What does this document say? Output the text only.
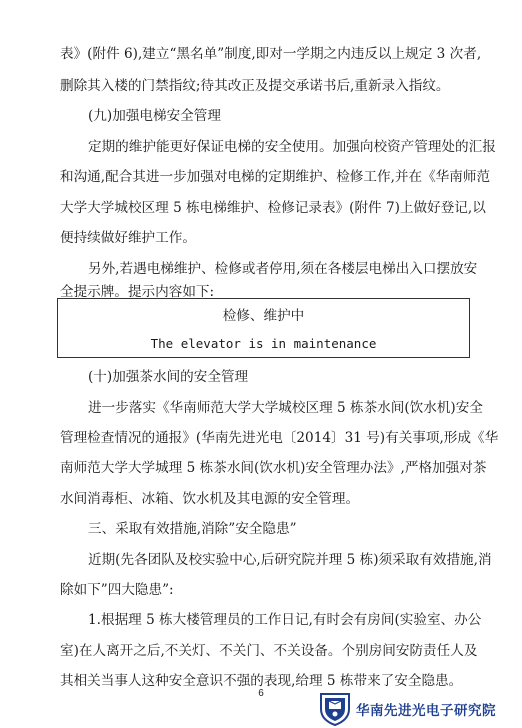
表》(附件 6),建立“黑名单”制度,即对一学期之内违反以上规定 3 次者,
删除其入楼的门禁指纹;待其改正及提交承诺书后,重新录入指纹。
(九)加强电梯安全管理
定期的维护能更好保证电梯的安全使用。加强向校资产管理处的汇报
和沟通,配合其进一步加强对电梯的定期维护、检修工作,并在《华南师范
大学大学城校区理 5 栋电梯维护、检修记录表》(附件 7)上做好登记,以
便持续做好维护工作。
另外,若遇电梯维护、检修或者停用,须在各楼层电梯出入口摆放安
全提示牌。提示内容如下:
检修、维护中
The elevator is in maintenance
(十)加强茶水间的安全管理
进一步落实《华南师范大学大学城校区理 5 栋茶水间(饮水机)安全
管理检查情况的通报》(华南先进光电〔2014〕31 号)有关事项,形成《华
南师范大学大学城理 5 栋茶水间(饮水机)安全管理办法》,严格加强对茶
水间消毒柜、冰箱、饮水机及其电源的安全管理。
三、采取有效措施,消除”安全隐患”
近期(先各团队及校实验中心,后研究院并理 5 栋)须采取有效措施,消
除如下”四大隐患”:
1.根据理 5 栋大楼管理员的工作日记,有时会有房间(实验室、办公
室)在人离开之后,不关灯、不关门、不关设备。个别房间安防责任人及
其相关当事人这种安全意识不强的表现,给理 5 栋带来了安全隐患。
6
华南先进光电子研究院
